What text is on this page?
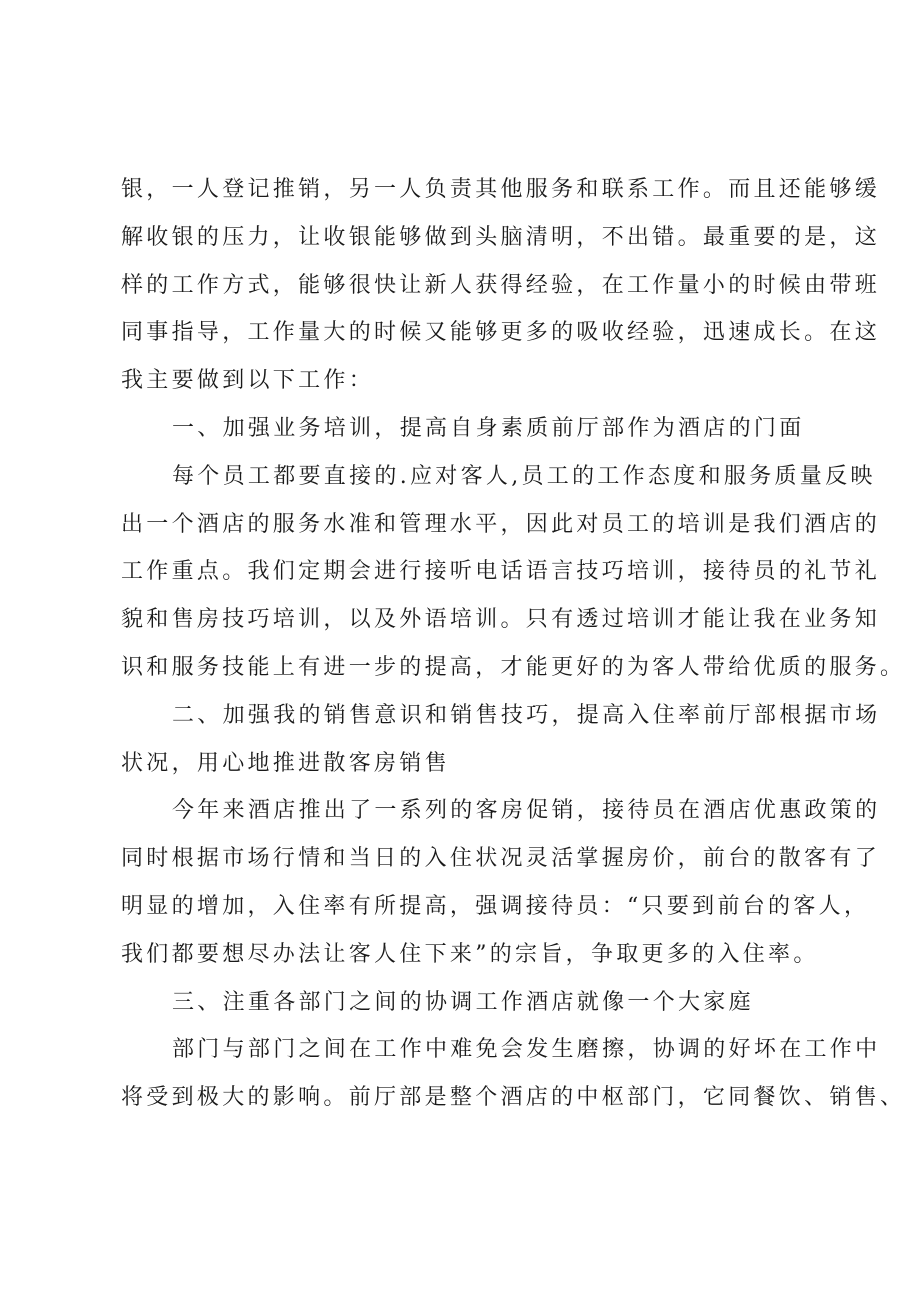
银，一人登记推销，另一人负责其他服务和联系工作。而且还能够缓
解收银的压力，让收银能够做到头脑清明，不出错。最重要的是，这
样的工作方式，能够很快让新人获得经验，在工作量小的时候由带班
同事指导，工作量大的时候又能够更多的吸收经验，迅速成长。在这
我主要做到以下工作：
一、加强业务培训，提高自身素质前厅部作为酒店的门面
每个员工都要直接的.应对客人,员工的工作态度和服务质量反映
出一个酒店的服务水准和管理水平，因此对员工的培训是我们酒店的
工作重点。我们定期会进行接听电话语言技巧培训，接待员的礼节礼
貌和售房技巧培训，以及外语培训。只有透过培训才能让我在业务知
识和服务技能上有进一步的提高，才能更好的为客人带给优质的服务。
二、加强我的销售意识和销售技巧，提高入住率前厅部根据市场
状况，用心地推进散客房销售
今年来酒店推出了一系列的客房促销，接待员在酒店优惠政策的
同时根据市场行情和当日的入住状况灵活掌握房价，前台的散客有了
明显的增加，入住率有所提高，强调接待员：“只要到前台的客人，
我们都要想尽办法让客人住下来”的宗旨，争取更多的入住率。
三、注重各部门之间的协调工作酒店就像一个大家庭
部门与部门之间在工作中难免会发生磨擦，协调的好坏在工作中
将受到极大的影响。前厅部是整个酒店的中枢部门，它同餐饮、销售、
